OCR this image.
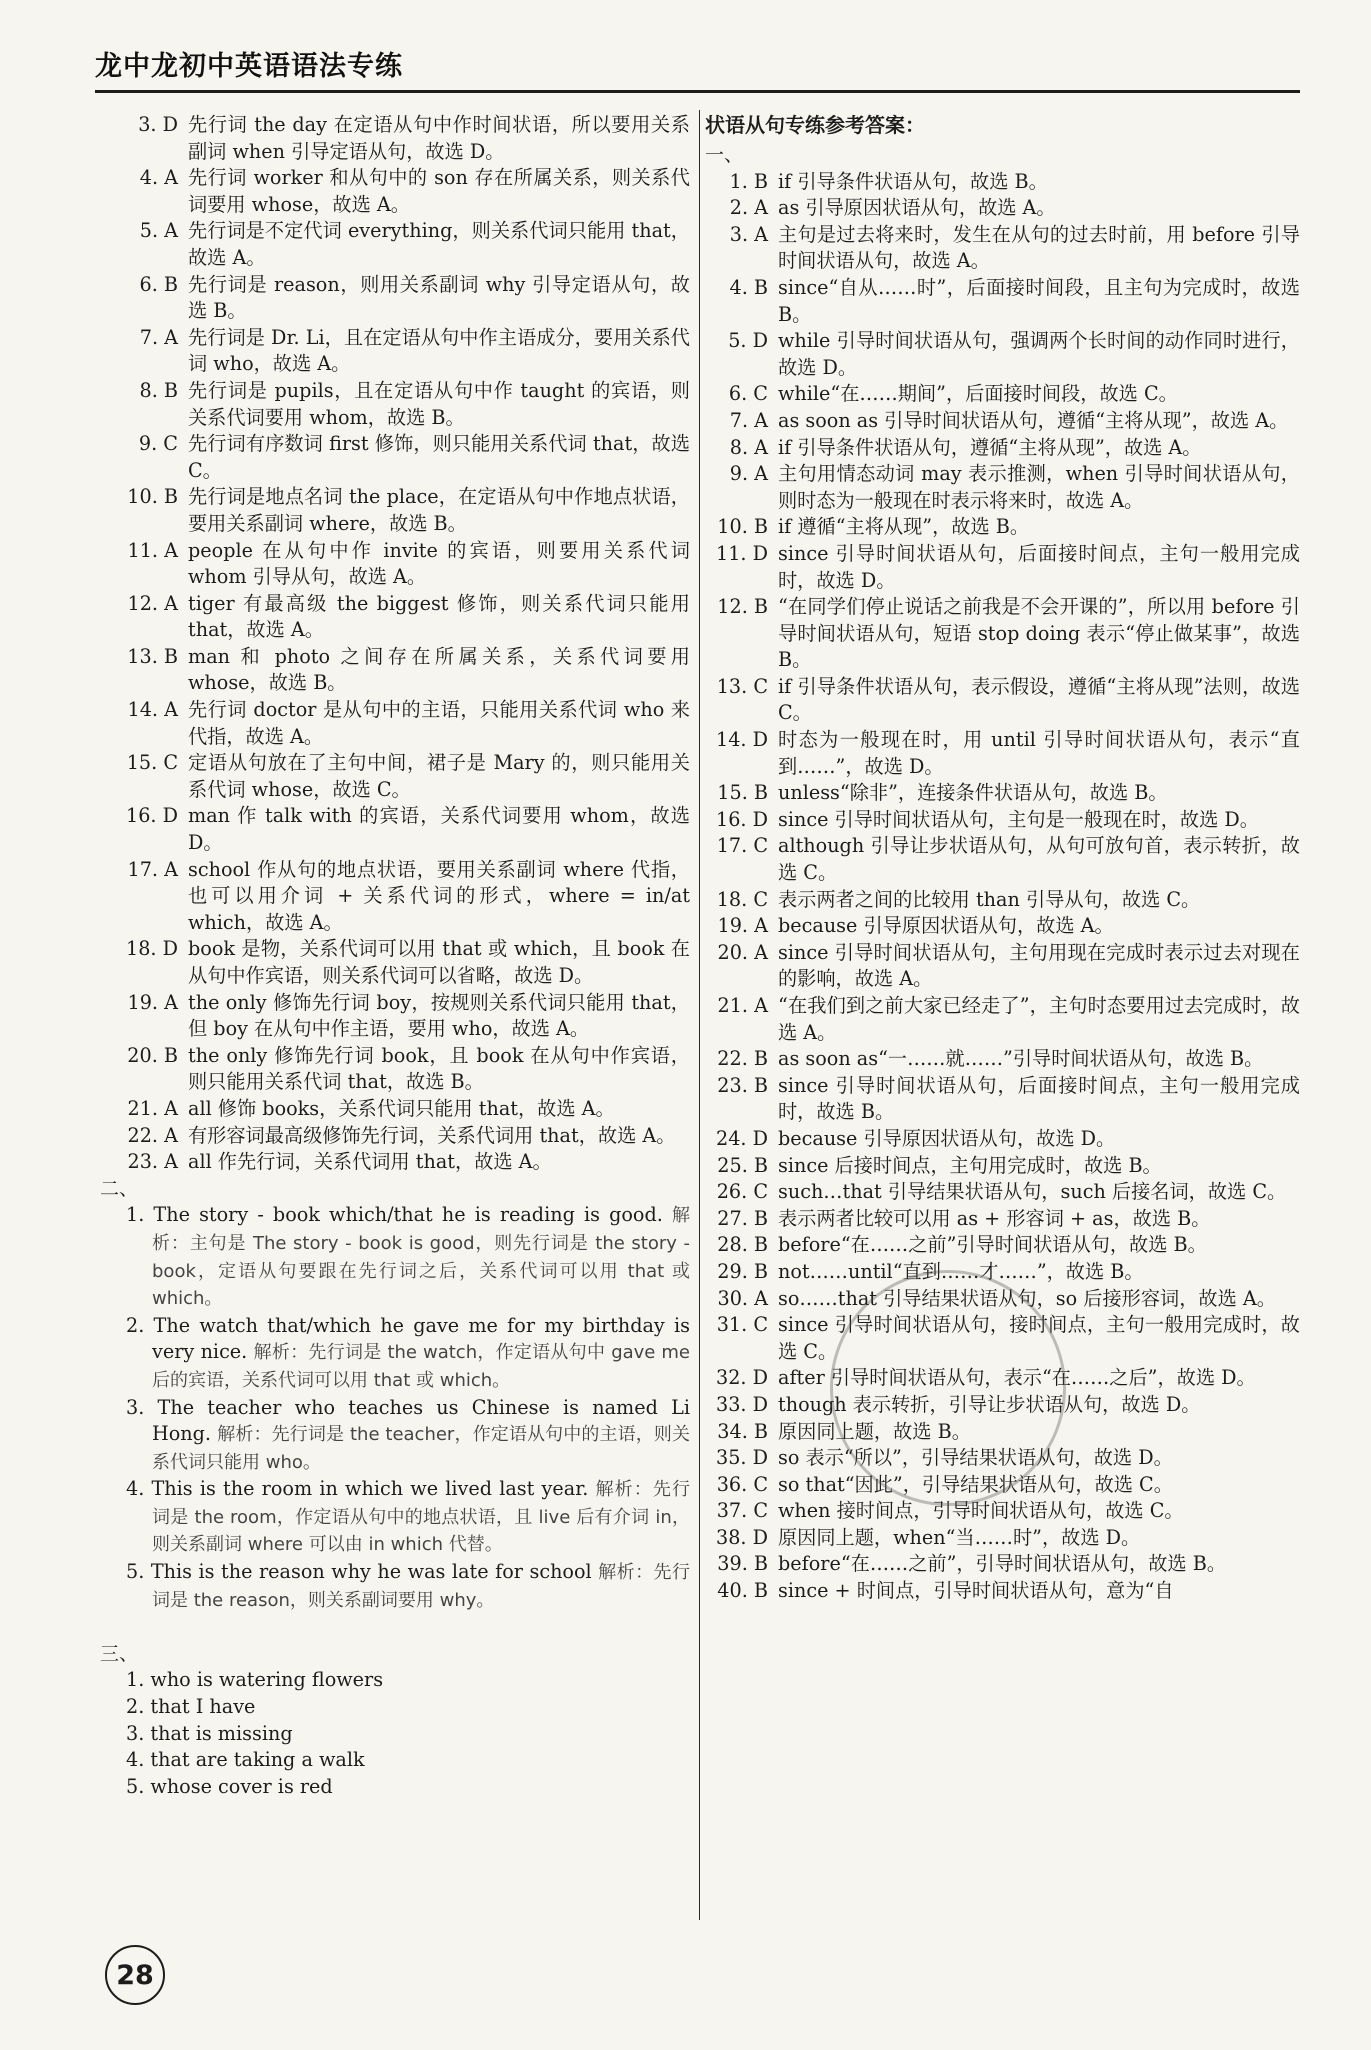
龙中龙初中英语语法专练
3. D 先行词 the day 在定语从句中作时间状语，所以要用关系副词 when 引导定语从句，故选 D。
4. A 先行词 worker 和从句中的 son 存在所属关系，则关系代词要用 whose，故选 A。
5. A 先行词是不定代词 everything，则关系代词只能用 that，故选 A。
6. B 先行词是 reason，则用关系副词 why 引导定语从句，故选 B。
7. A 先行词是 Dr. Li，且在定语从句中作主语成分，要用关系代词 who，故选 A。
8. B 先行词是 pupils，且在定语从句中作 taught 的宾语，则关系代词要用 whom，故选 B。
9. C 先行词有序数词 first 修饰，则只能用关系代词 that，故选 C。
10. B 先行词是地点名词 the place，在定语从句中作地点状语，要用关系副词 where，故选 B。
11. A people 在从句中作 invite 的宾语，则要用关系代词 whom 引导从句，故选 A。
12. A tiger 有最高级 the biggest 修饰，则关系代词只能用 that，故选 A。
13. B man 和 photo 之间存在所属关系，关系代词要用 whose，故选 B。
14. A 先行词 doctor 是从句中的主语，只能用关系代词 who 来代指，故选 A。
15. C 定语从句放在了主句中间，裙子是 Mary 的，则只能用关系代词 whose，故选 C。
16. D man 作 talk with 的宾语，关系代词要用 whom，故选 D。
17. A school 作从句的地点状语，要用关系副词 where 代指，也可以用介词 + 关系代词的形式，where = in/at which，故选 A。
18. D book 是物，关系代词可以用 that 或 which，且 book 在从句中作宾语，则关系代词可以省略，故选 D。
19. A the only 修饰先行词 boy，按规则关系代词只能用 that，但 boy 在从句中作主语，要用 who，故选 A。
20. B the only 修饰先行词 book，且 book 在从句中作宾语，则只能用关系代词 that，故选 B。
21. A all 修饰 books，关系代词只能用 that，故选 A。
22. A 有形容词最高级修饰先行词，关系代词用 that，故选 A。
23. A all 作先行词，关系代词用 that，故选 A。
二、
1. The story - book which/that he is reading is good. 解析：主句是 The story - book is good，则先行词是 the story - book，定语从句要跟在先行词之后，关系代词可以用 that 或 which。
2. The watch that/which he gave me for my birthday is very nice. 解析：先行词是 the watch，作定语从句中 gave me 后的宾语，关系代词可以用 that 或 which。
3. The teacher who teaches us Chinese is named Li Hong. 解析：先行词是 the teacher，作定语从句中的主语，则关系代词只能用 who。
4. This is the room in which we lived last year. 解析：先行词是 the room，作定语从句中的地点状语，且 live 后有介词 in，则关系副词 where 可以由 in which 代替。
5. This is the reason why he was late for school 解析：先行词是 the reason，则关系副词要用 why。
三、
1. who is watering flowers
2. that I have
3. that is missing
4. that are taking a walk
5. whose cover is red
状语从句专练参考答案：
一、
1. B if 引导条件状语从句，故选 B。
2. A as 引导原因状语从句，故选 A。
3. A 主句是过去将来时，发生在从句的过去时前，用 before 引导时间状语从句，故选 A。
4. B since“自从……时”，后面接时间段，且主句为完成时，故选 B。
5. D while 引导时间状语从句，强调两个长时间的动作同时进行，故选 D。
6. C while“在……期间”，后面接时间段，故选 C。
7. A as soon as 引导时间状语从句，遵循“主将从现”，故选 A。
8. A if 引导条件状语从句，遵循“主将从现”，故选 A。
9. A 主句用情态动词 may 表示推测，when 引导时间状语从句，则时态为一般现在时表示将来时，故选 A。
10. B if 遵循“主将从现”，故选 B。
11. D since 引导时间状语从句，后面接时间点，主句一般用完成时，故选 D。
12. B “在同学们停止说话之前我是不会开课的”，所以用 before 引导时间状语从句，短语 stop doing 表示“停止做某事”，故选 B。
13. C if 引导条件状语从句，表示假设，遵循“主将从现”法则，故选 C。
14. D 时态为一般现在时，用 until 引导时间状语从句，表示“直到……”，故选 D。
15. B unless“除非”，连接条件状语从句，故选 B。
16. D since 引导时间状语从句，主句是一般现在时，故选 D。
17. C although 引导让步状语从句，从句可放句首，表示转折，故选 C。
18. C 表示两者之间的比较用 than 引导从句，故选 C。
19. A because 引导原因状语从句，故选 A。
20. A since 引导时间状语从句，主句用现在完成时表示过去对现在的影响，故选 A。
21. A “在我们到之前大家已经走了”，主句时态要用过去完成时，故选 A。
22. B as soon as“一……就……”引导时间状语从句，故选 B。
23. B since 引导时间状语从句，后面接时间点，主句一般用完成时，故选 B。
24. D because 引导原因状语从句，故选 D。
25. B since 后接时间点，主句用完成时，故选 B。
26. C such…that 引导结果状语从句，such 后接名词，故选 C。
27. B 表示两者比较可以用 as + 形容词 + as，故选 B。
28. B before“在……之前”引导时间状语从句，故选 B。
29. B not……until“直到……才……”，故选 B。
30. A so……that 引导结果状语从句，so 后接形容词，故选 A。
31. C since 引导时间状语从句，接时间点，主句一般用完成时，故选 C。
32. D after 引导时间状语从句，表示“在……之后”，故选 D。
33. D though 表示转折，引导让步状语从句，故选 D。
34. B 原因同上题，故选 B。
35. D so 表示“所以”，引导结果状语从句，故选 D。
36. C so that“因此”，引导结果状语从句，故选 C。
37. C when 接时间点，引导时间状语从句，故选 C。
38. D 原因同上题，when“当……时”，故选 D。
39. B before“在……之前”，引导时间状语从句，故选 B。
40. B since + 时间点，引导时间状语从句，意为“自
28
